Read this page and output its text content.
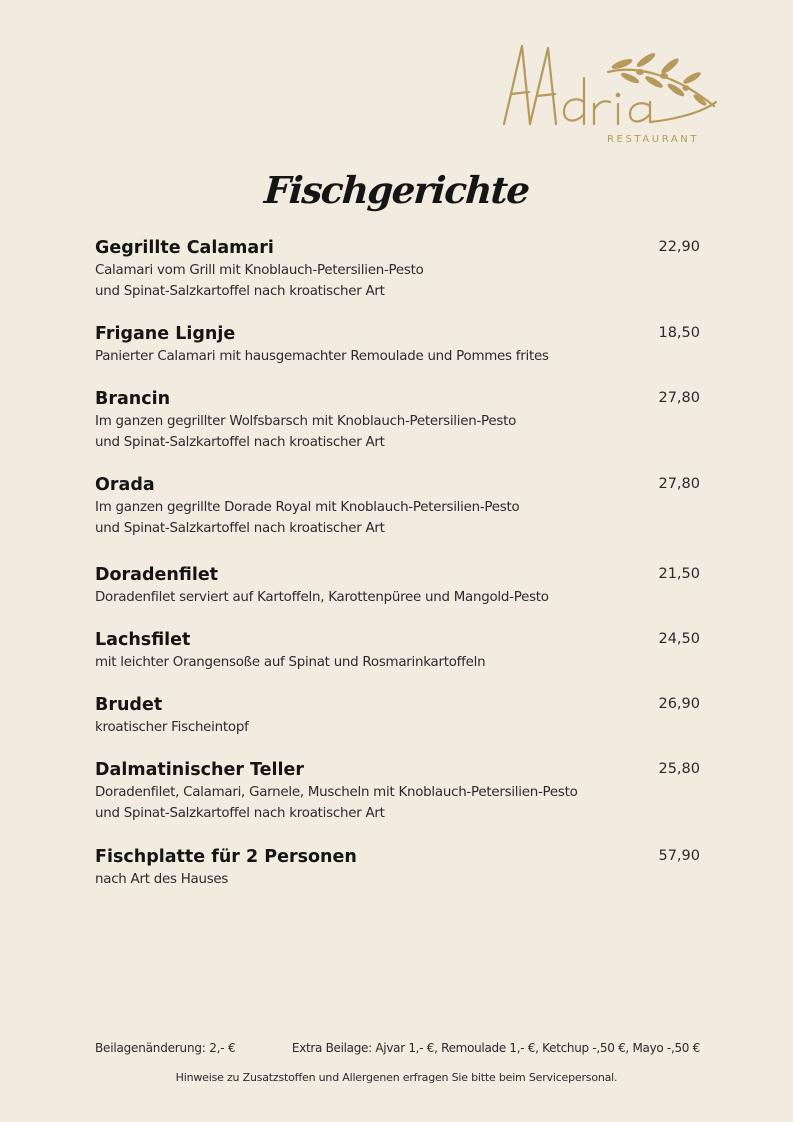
RESTAURANT
Fischgerichte
Gegrillte Calamari	22,90
Calamari vom Grill mit Knoblauch-Petersilien-Pesto
und Spinat-Salzkartoffel nach kroatischer Art
Frigane Lignje	18,50
Panierter Calamari mit hausgemachter Remoulade und Pommes frites
Brancin	27,80
Im ganzen gegrillter Wolfsbarsch mit Knoblauch-Petersilien-Pesto
und Spinat-Salzkartoffel nach kroatischer Art
Orada	27,80
Im ganzen gegrillte Dorade Royal mit Knoblauch-Petersilien-Pesto
und Spinat-Salzkartoffel nach kroatischer Art
Doradenfilet	21,50
Doradenfilet serviert auf Kartoffeln, Karottenpüree und Mangold-Pesto
Lachsfilet	24,50
mit leichter Orangensoße auf Spinat und Rosmarinkartoffeln
Brudet	26,90
kroatischer Fischeintopf
Dalmatinischer Teller	25,80
Doradenfilet, Calamari, Garnele, Muscheln mit Knoblauch-Petersilien-Pesto
und Spinat-Salzkartoffel nach kroatischer Art
Fischplatte für 2 Personen	57,90
nach Art des Hauses
Beilagenänderung: 2,- €	Extra Beilage: Ajvar 1,- €, Remoulade 1,- €, Ketchup -,50 €, Mayo -,50 €
Hinweise zu Zusatzstoffen und Allergenen erfragen Sie bitte beim Servicepersonal.
